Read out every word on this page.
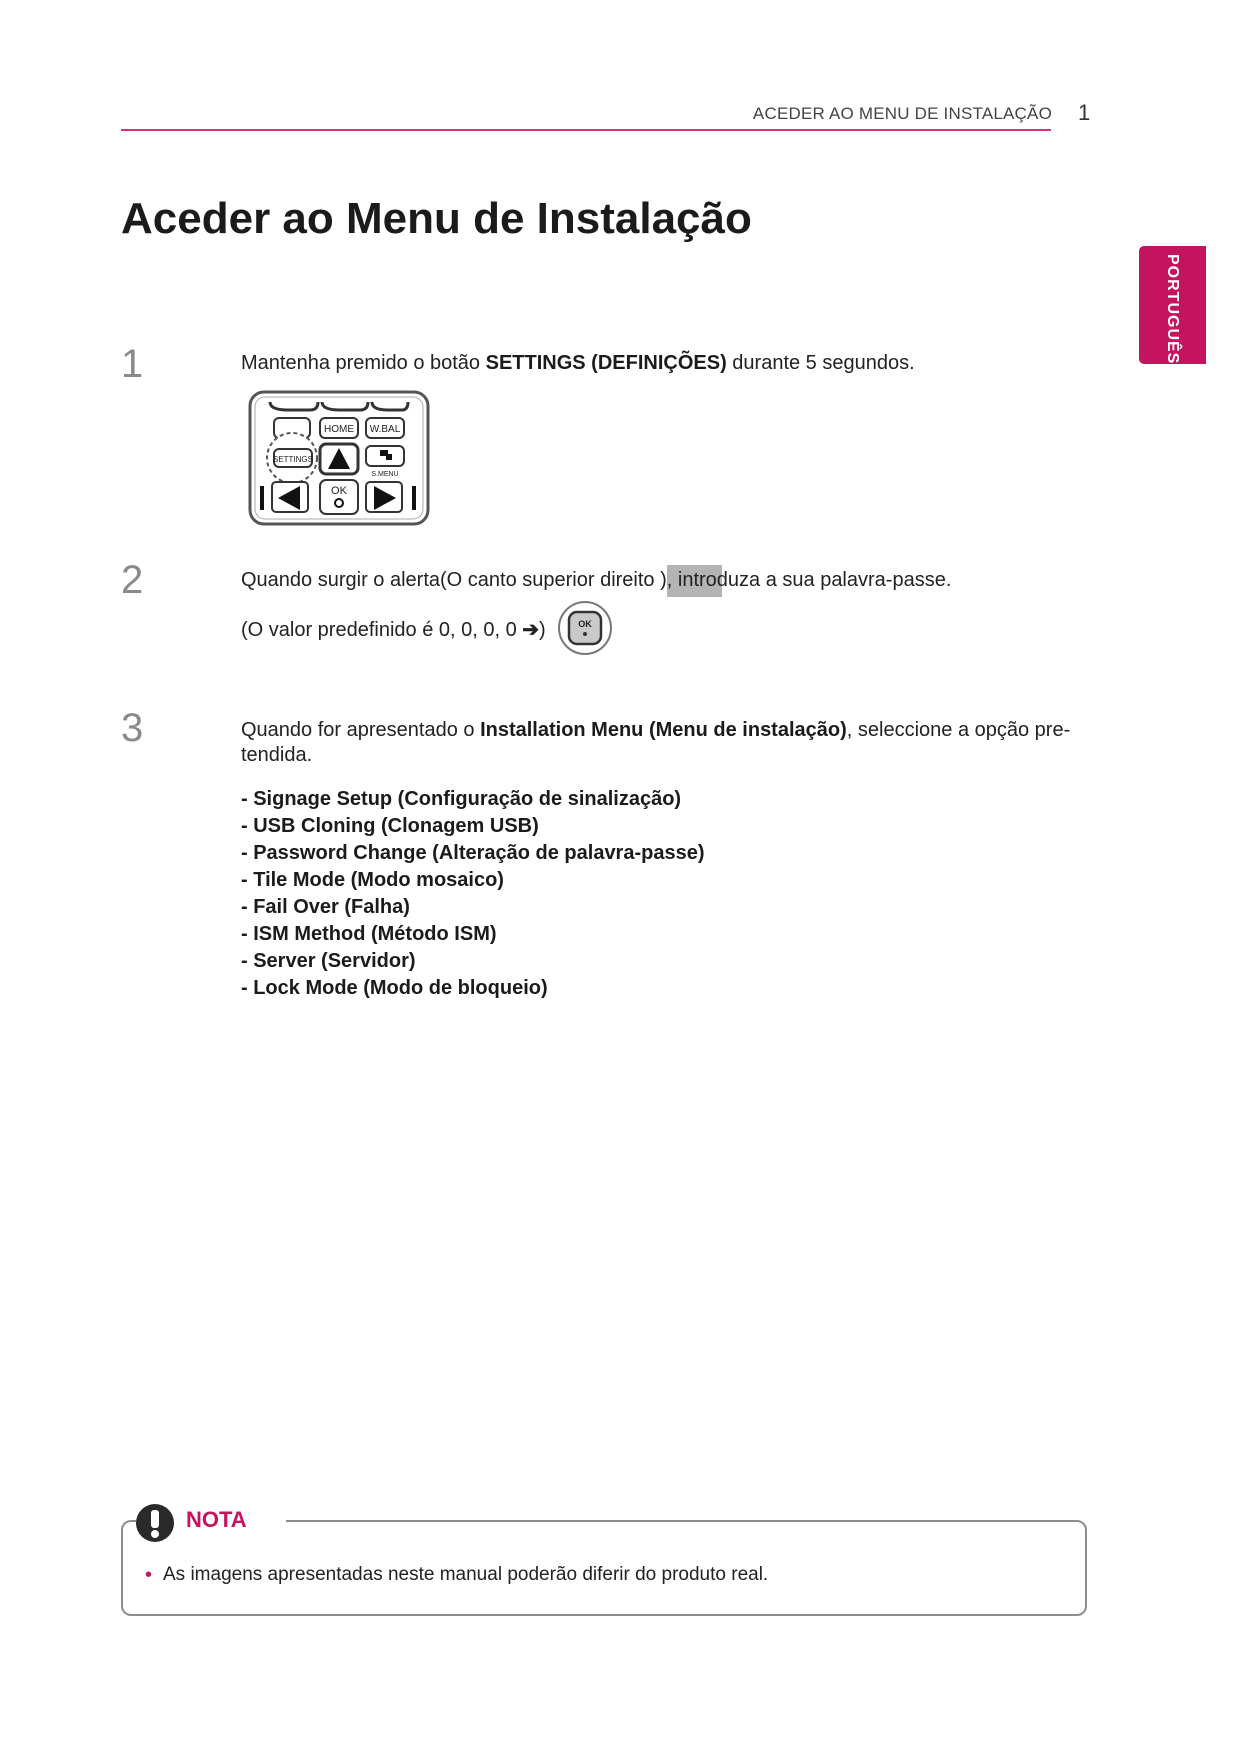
ACEDER AO MENU DE INSTALAÇÃO 1
PORTUGUÊS
Aceder ao Menu de Instalação
1	Mantenha premido o botão SETTINGS (DEFINIÇÕES) durante 5 segundos.
HOME W.BAL
SETTINGS
S.MENU
OK
2	Quando surgir o alerta(O canto superior direito ), introduza a sua palavra-passe.
(O valor predefinido é 0, 0, 0, 0 ➔)	OK
3	Quando for apresentado o Installation Menu (Menu de instalação), seleccione a opção pre-tendida.
- Signage Setup (Configuração de sinalização)
- USB Cloning (Clonagem USB)
- Password Change (Alteração de palavra-passe)
- Tile Mode (Modo mosaico)
- Fail Over (Falha)
- ISM Method (Método ISM)
- Server (Servidor)
- Lock Mode (Modo de bloqueio)
NOTA
• As imagens apresentadas neste manual poderão diferir do produto real.
